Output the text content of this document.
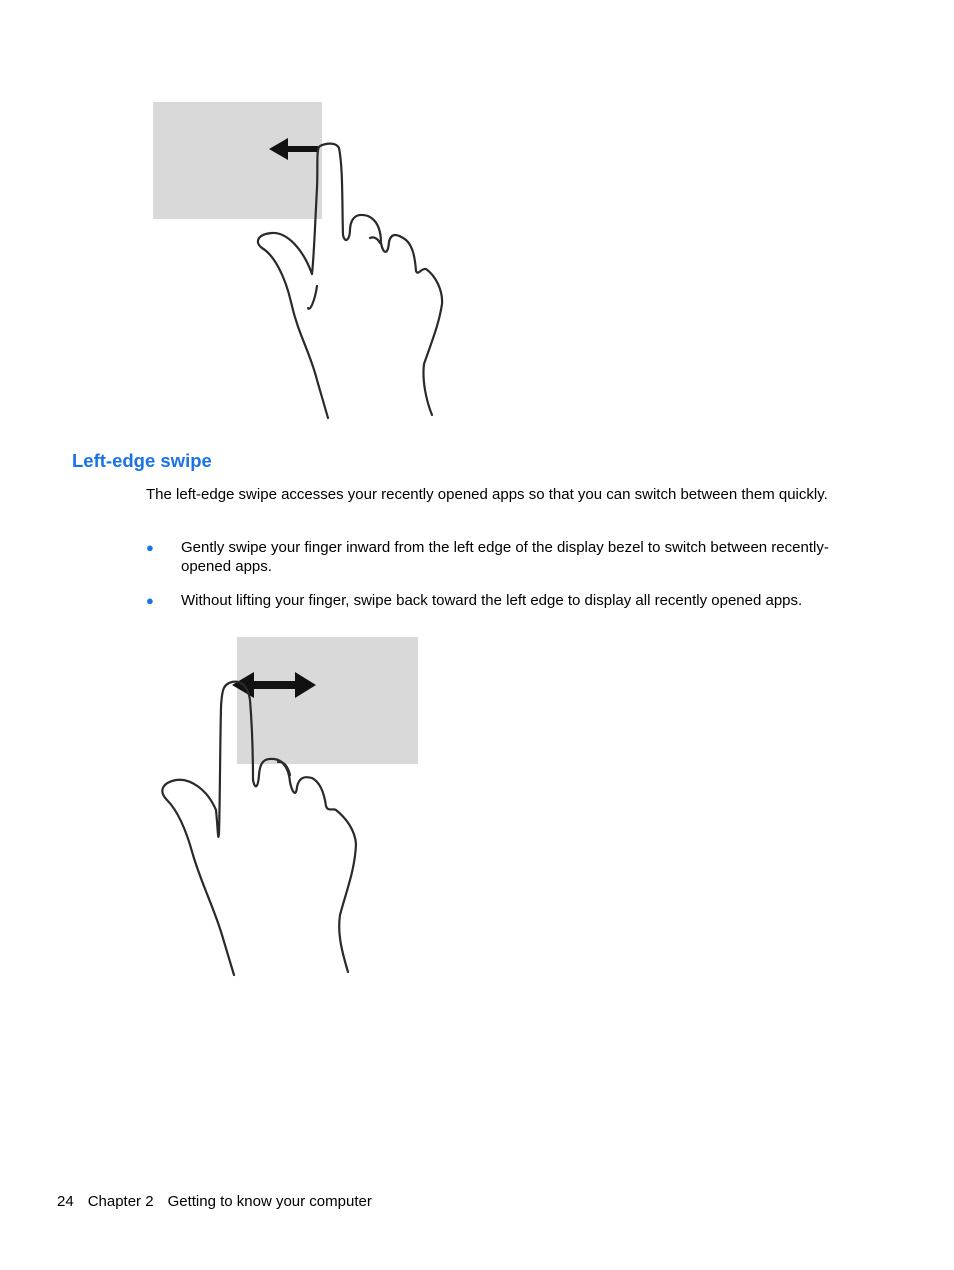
Left-edge swipe

The left-edge swipe accesses your recently opened apps so that you can switch between them quickly.

● Gently swipe your finger inward from the left edge of the display bezel to switch between recently-opened apps.
● Without lifting your finger, swipe back toward the left edge to display all recently opened apps.
24 Chapter 2 Getting to know your computer
